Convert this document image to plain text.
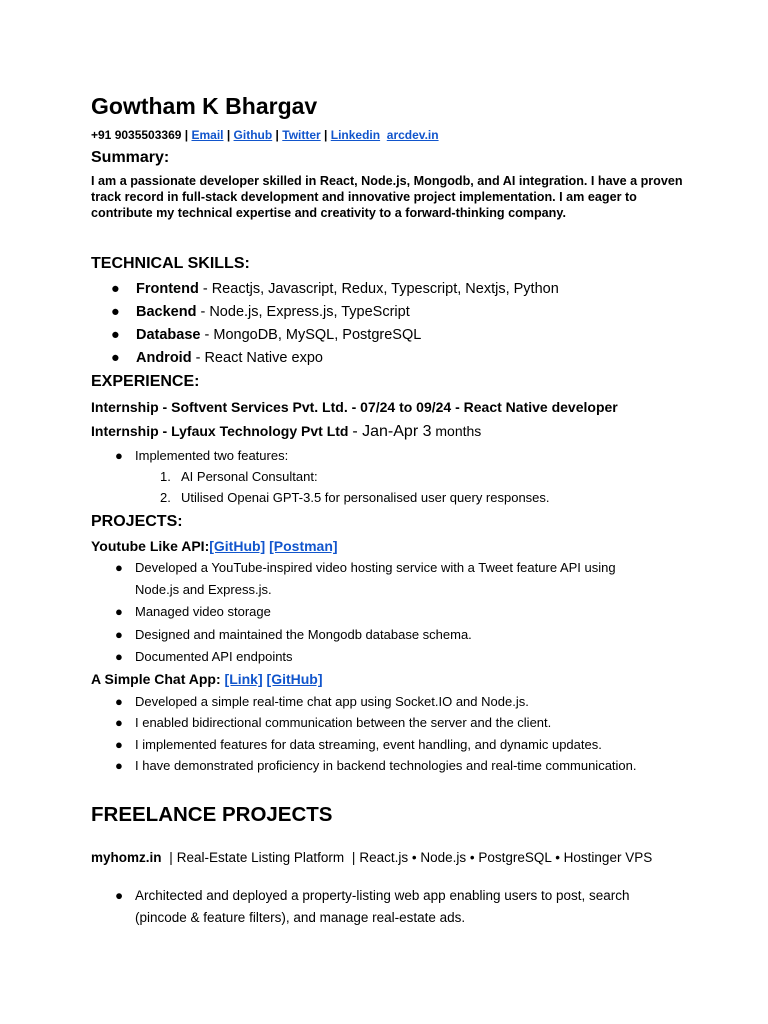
Gowtham K Bhargav
+91 9035503369 | Email | Github | Twitter | Linkedin arcdev.in
Summary:
I am a passionate developer skilled in React, Node.js, Mongodb, and AI integration. I have a proven track record in full-stack development and innovative project implementation. I am eager to contribute my technical expertise and creativity to a forward-thinking company.
TECHNICAL SKILLS:
● Frontend - Reactjs, Javascript, Redux, Typescript, Nextjs, Python
● Backend - Node.js, Express.js, TypeScript
● Database - MongoDB, MySQL, PostgreSQL
● Android - React Native expo
EXPERIENCE:
Internship - Softvent Services Pvt. Ltd. - 07/24 to 09/24 - React Native developer
Internship - Lyfaux Technology Pvt Ltd - Jan-Apr 3 months
● Implemented two features:
1. AI Personal Consultant:
2. Utilised Openai GPT-3.5 for personalised user query responses.
PROJECTS:
Youtube Like API:[GitHub] [Postman]
● Developed a YouTube-inspired video hosting service with a Tweet feature API using
Node.js and Express.js.
● Managed video storage
● Designed and maintained the Mongodb database schema.
● Documented API endpoints
A Simple Chat App: [Link] [GitHub]
● Developed a simple real-time chat app using Socket.IO and Node.js.
● I enabled bidirectional communication between the server and the client.
● I implemented features for data streaming, event handling, and dynamic updates.
● I have demonstrated proficiency in backend technologies and real-time communication.
FREELANCE PROJECTS
myhomz.in | Real-Estate Listing Platform | React.js • Node.js • PostgreSQL • Hostinger VPS
● Architected and deployed a property-listing web app enabling users to post, search (pincode & feature filters), and manage real-estate ads.
